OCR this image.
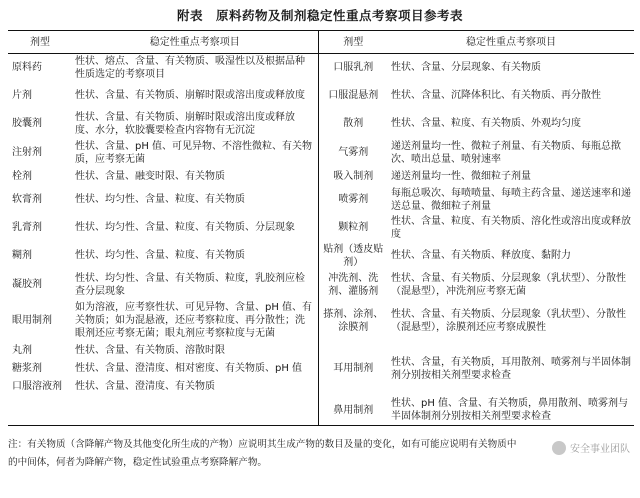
附表　原料药物及制剂稳定性重点考察项目参考表
剂型	稳定性重点考察项目	剂型	稳定性重点考察项目
原料药	性状、熔点、含量、有关物质、吸湿性以及根据品种性质选定的考察项目	口服乳剂	性状、含量、分层现象、有关物质
片剂	性状、含量、有关物质、崩解时限或溶出度或释放度	口服混悬剂	性状、含量、沉降体积比、有关物质、再分散性
胶囊剂	性状、含量、有关物质、崩解时限或溶出度或释放度、水分，软胶囊要检查内容物有无沉淀	散剂	性状、含量、粒度、有关物质、外观均匀度
注射剂	性状、含量、pH 值、可见异物、不溶性微粒、有关物质，应考察无菌	气雾剂	递送剂量均一性、微粒子剂量、有关物质、每瓶总揿次、喷出总量、喷射速率
栓剂	性状、含量、融变时限、有关物质	吸入制剂	递送剂量均一性、微细粒子剂量
软膏剂	性状、均匀性、含量、粒度、有关物质	喷雾剂	每瓶总吸次、每喷喷量、每喷主药含量、递送速率和递送总量、微细粒子剂量
乳膏剂	性状、均匀性、含量、粒度、有关物质、分层现象	颗粒剂	性状、含量、粒度、有关物质、溶化性或溶出度或释放度
糊剂	性状、均匀性、含量、粒度、有关物质	贴剂（透皮贴剂）	性状、含量、有关物质、释放度、黏附力
凝胶剂	性状、均匀性、含量、有关物质、粒度，乳胶剂应检查分层现象	冲洗剂、洗剂、灌肠剂	性状、含量、有关物质、分层现象（乳状型）、分散性（混悬型），冲洗剂应考察无菌
眼用制剂	如为溶液，应考察性状、可见异物、含量、pH 值、有关物质；如为混悬液，还应考察粒度、再分散性；洗眼剂还应考察无菌；眼丸剂应考察粒度与无菌	搽剂、涂剂、涂膜剂	性状、含量、有关物质、分层现象（乳状型）、分散性（混悬型），涂膜剂还应考察成膜性
丸剂	性状、含量、有关物质、溶散时限	耳用制剂	性状、含量，有关物质，耳用散剂、喷雾剂与半固体制剂分别按相关剂型要求检查
糖浆剂	性状、含量、澄清度、相对密度、有关物质、pH 值		
口服溶液剂	性状、含量、澄清度、有关物质		
		鼻用制剂	性状、pH 值、含量、有关物质，鼻用散剂、喷雾剂与半固体制剂分别按相关剂型要求检查

注：有关物质（含降解产物及其他变化所生成的产物）应说明其生成产物的数目及量的变化，如有可能应说明有关物质中

的中间体，何者为降解产物，稳定性试验重点考察降解产物。

安全事业团队
